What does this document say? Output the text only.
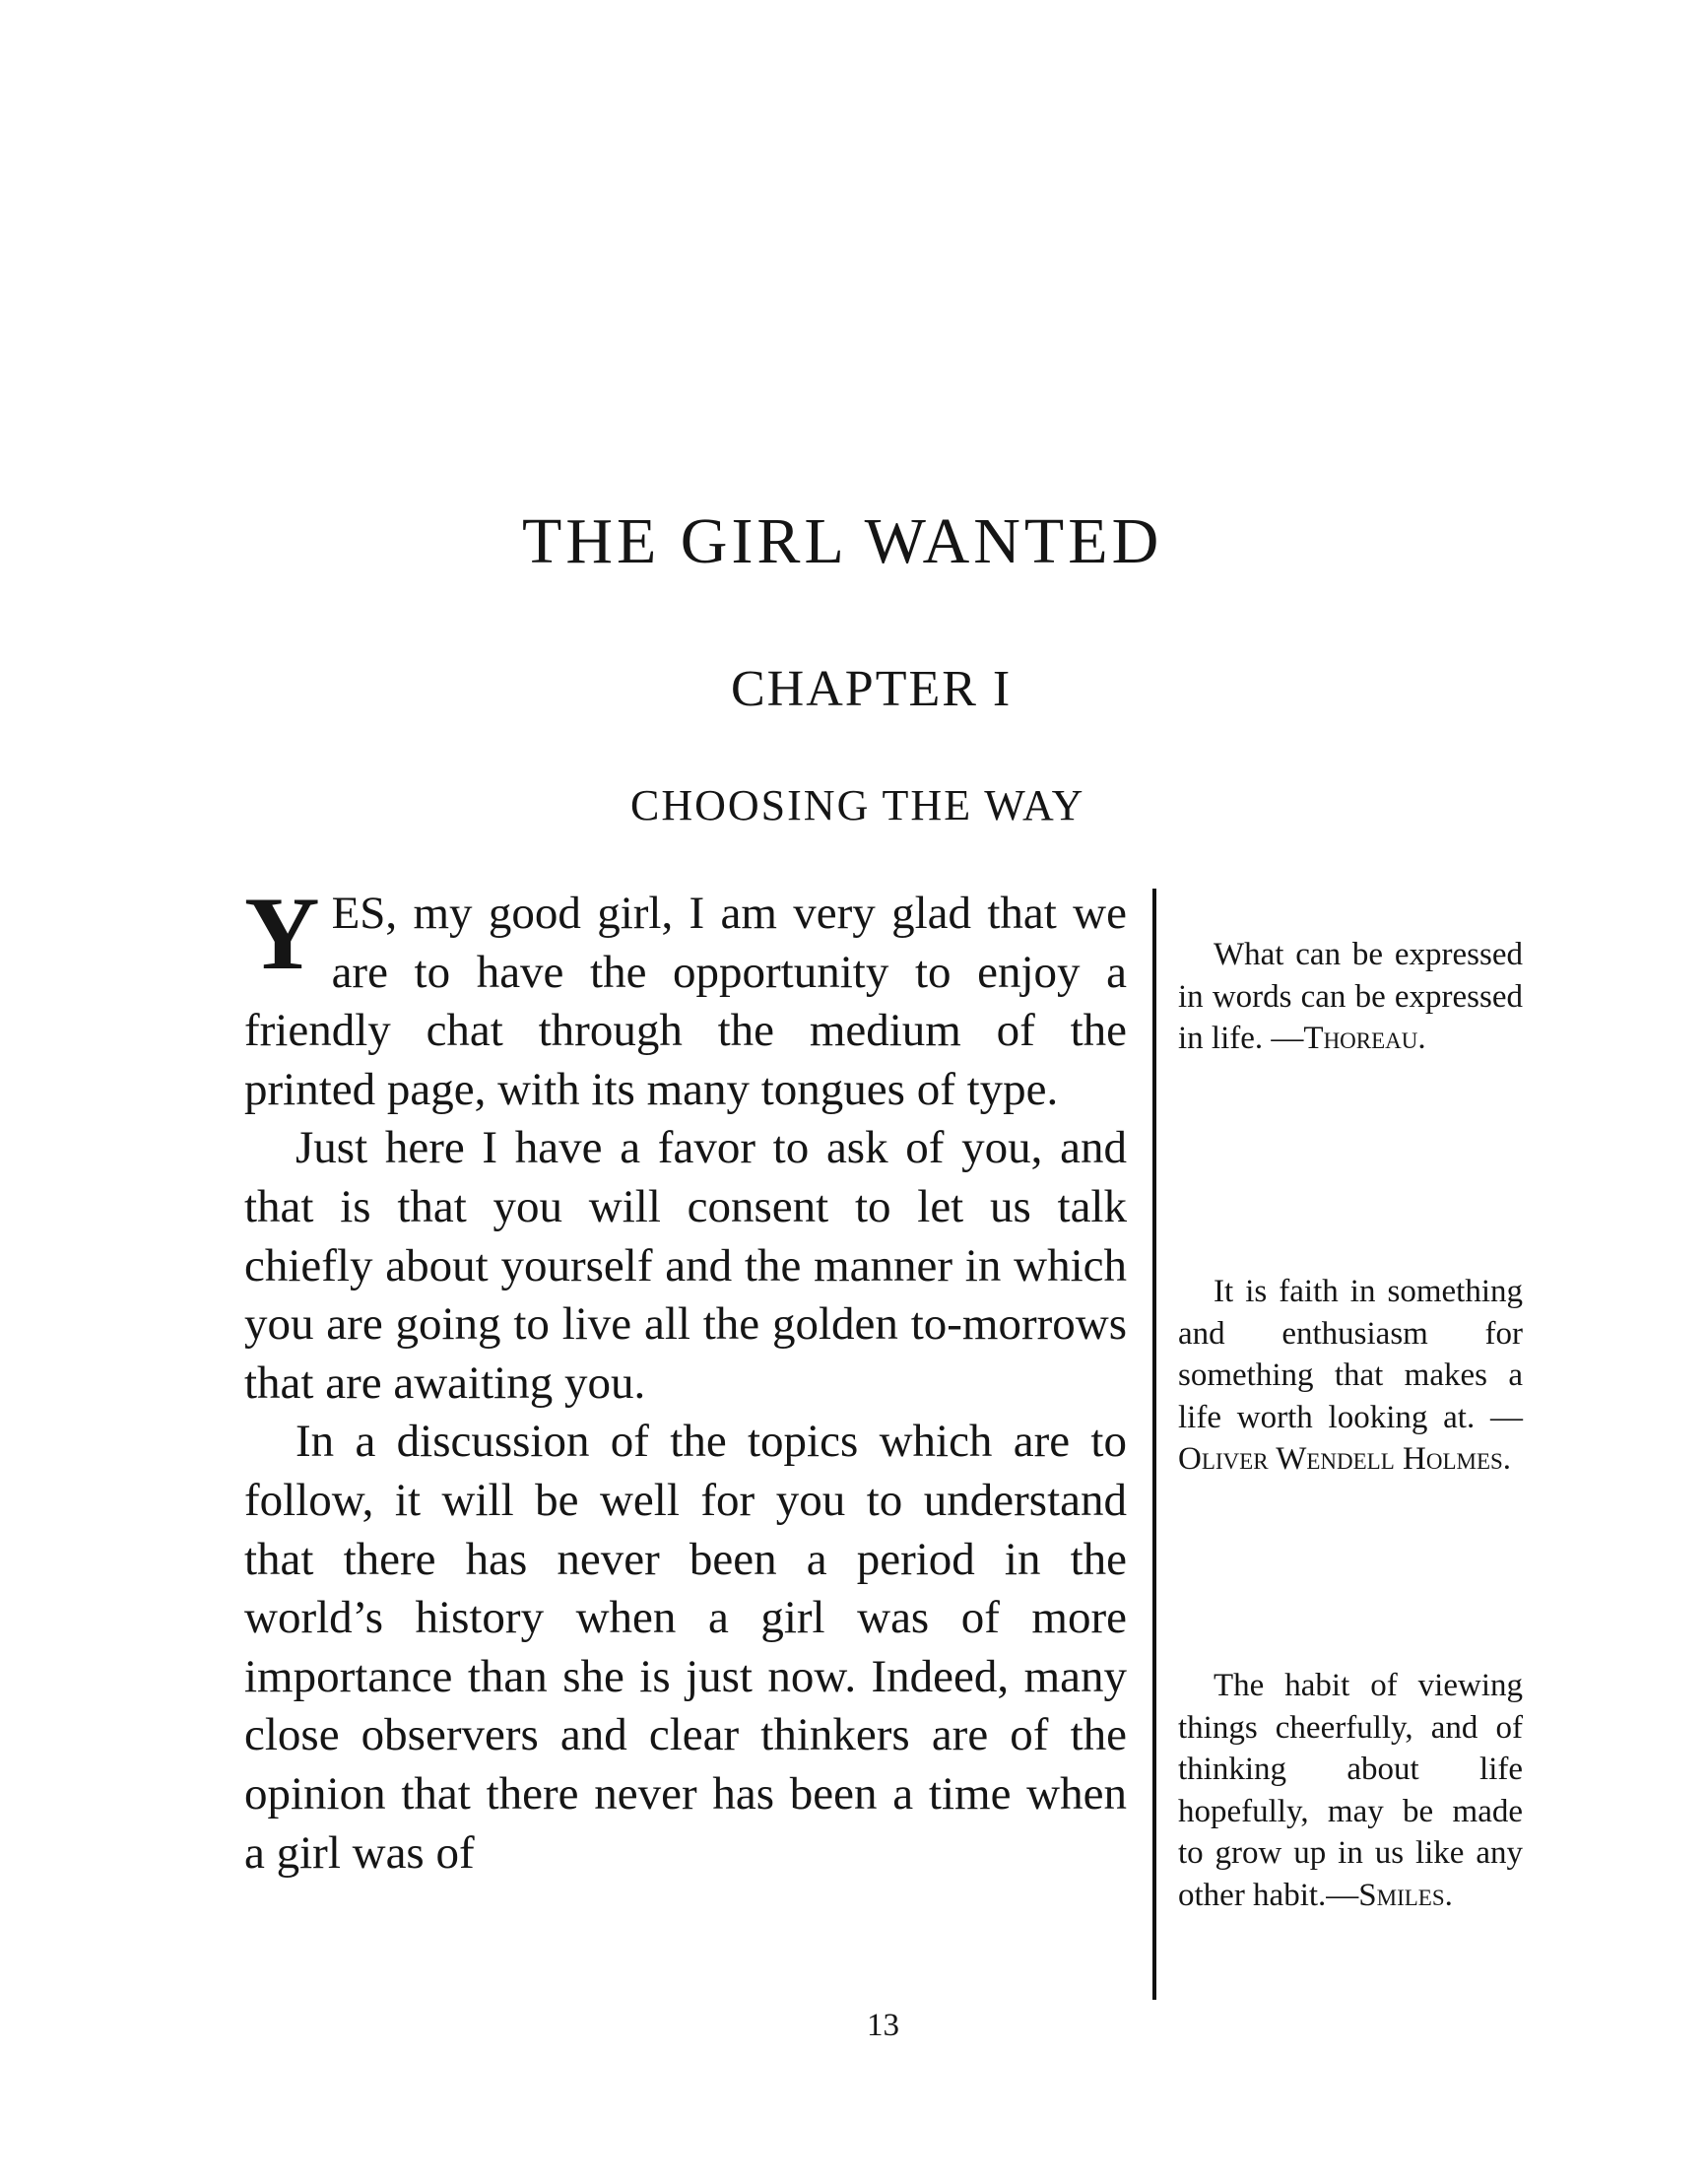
THE GIRL WANTED
CHAPTER I
CHOOSING THE WAY

YES, my good girl, I am very glad that we are to have the opportunity to enjoy a friendly chat through the medium of the printed page, with its many tongues of type.

Just here I have a favor to ask of you, and that is that you will consent to let us talk chiefly about yourself and the manner in which you are going to live all the golden to-morrows that are awaiting you.

In a discussion of the topics which are to follow, it will be well for you to understand that there has never been a period in the world’s history when a girl was of more importance than she is just now. Indeed, many close observers and clear thinkers are of the opinion that there never has been a time when a girl was of

What can be expressed in words can be expressed in life. —Thoreau.

It is faith in something and enthusiasm for something that makes a life worth looking at. — Oliver Wendell Holmes.

The habit of viewing things cheerfully, and of thinking about life hopefully, may be made to grow up in us like any other habit.—Smiles.

13
